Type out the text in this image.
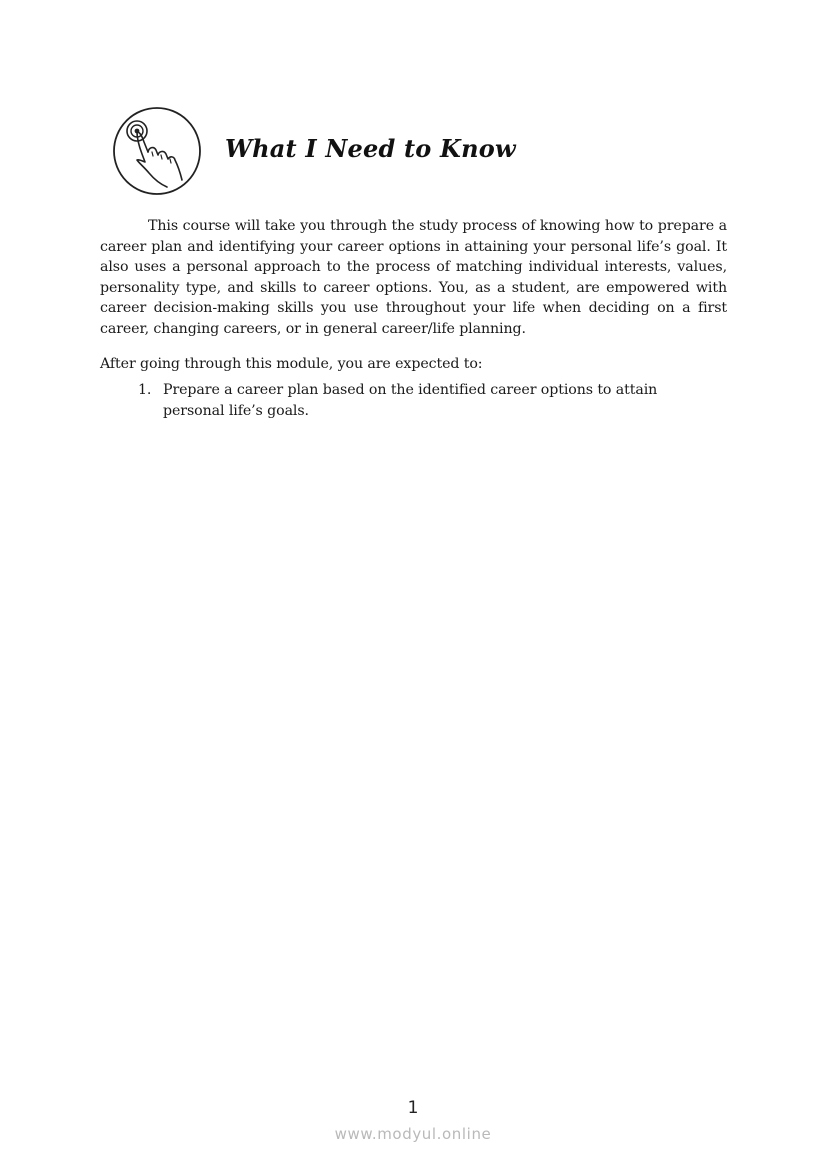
What I Need to Know

This course will take you through the study process of knowing how to prepare a career plan and identifying your career options in attaining your personal life’s goal. It also uses a personal approach to the process of matching individual interests, values, personality type, and skills to career options. You, as a student, are empowered with career decision-making skills you use throughout your life when deciding on a first career, changing careers, or in general career/life planning.

After going through this module, you are expected to:

1. Prepare a career plan based on the identified career options to attain personal life’s goals.
1
www.modyul.online
